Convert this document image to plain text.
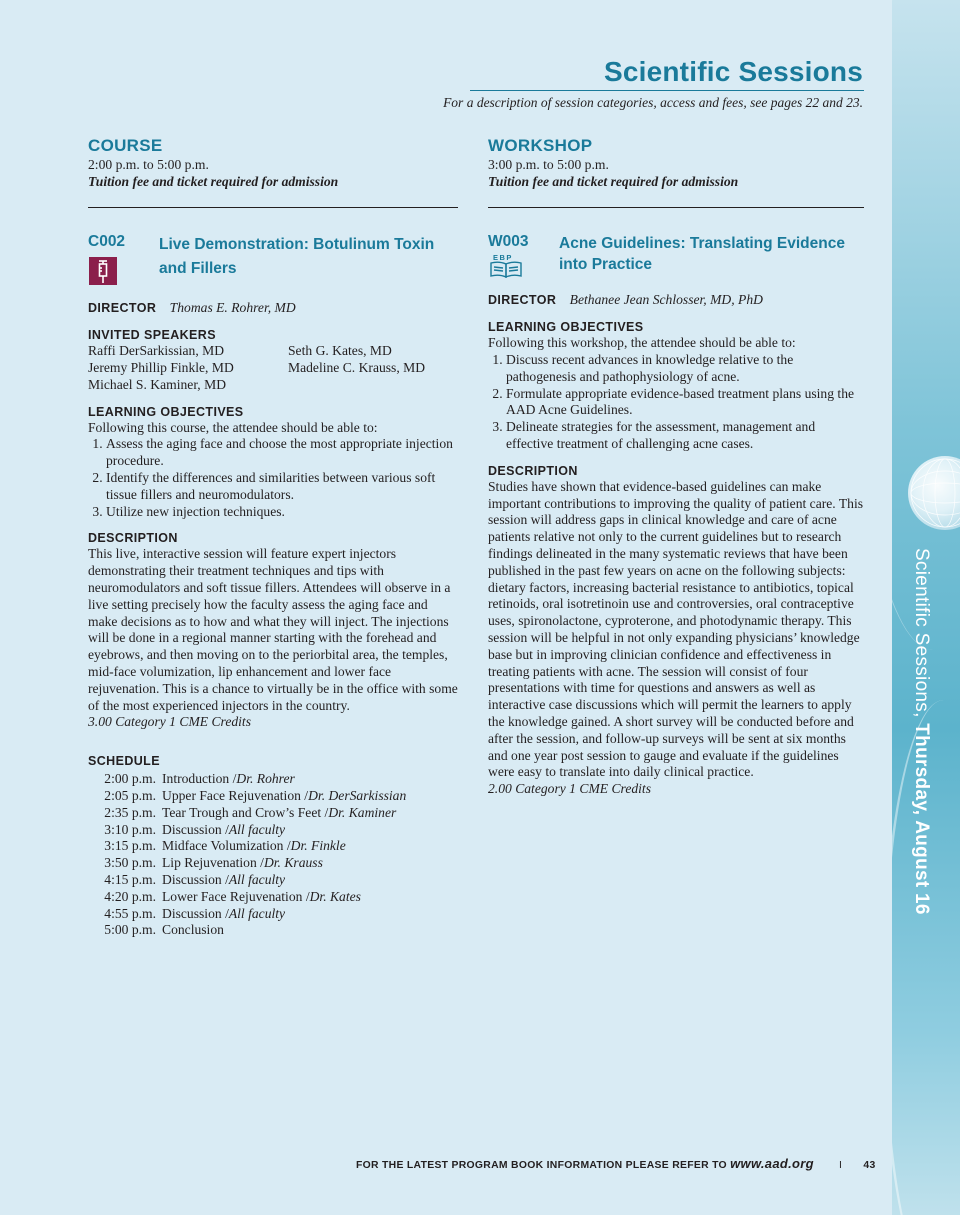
Scientific Sessions, Thursday, August 16
Scientific Sessions
For a description of session categories, access and fees, see pages 22 and 23.
COURSE
2:00 p.m. to 5:00 p.m.
Tuition fee and ticket required for admission
C002 Live Demonstration: Botulinum Toxin and Fillers
DIRECTOR Thomas E. Rohrer, MD
INVITED SPEAKERS
Raffi DerSarkissian, MD	Seth G. Kates, MD
Jeremy Phillip Finkle, MD	Madeline C. Krauss, MD
Michael S. Kaminer, MD
LEARNING OBJECTIVES
Following this course, the attendee should be able to:
1. Assess the aging face and choose the most appropriate injection procedure.
2. Identify the differences and similarities between various soft tissue fillers and neuromodulators.
3. Utilize new injection techniques.
DESCRIPTION
This live, interactive session will feature expert injectors demonstrating their treatment techniques and tips with neuromodulators and soft tissue fillers. Attendees will observe in a live setting precisely how the faculty assess the aging face and make decisions as to how and what they will inject. The injections will be done in a regional manner starting with the forehead and eyebrows, and then moving on to the periorbital area, the temples, mid-face volumization, lip enhancement and lower face rejuvenation. This is a chance to virtually be in the office with some of the most experienced injectors in the country.
3.00 Category 1 CME Credits
SCHEDULE
2:00 p.m. Introduction / Dr. Rohrer
2:05 p.m. Upper Face Rejuvenation / Dr. DerSarkissian
2:35 p.m. Tear Trough and Crow’s Feet / Dr. Kaminer
3:10 p.m. Discussion / All faculty
3:15 p.m. Midface Volumization / Dr. Finkle
3:50 p.m. Lip Rejuvenation / Dr. Krauss
4:15 p.m. Discussion / All faculty
4:20 p.m. Lower Face Rejuvenation / Dr. Kates
4:55 p.m. Discussion / All faculty
5:00 p.m. Conclusion
WORKSHOP
3:00 p.m. to 5:00 p.m.
Tuition fee and ticket required for admission
W003 Acne Guidelines: Translating Evidence into Practice
EBP
DIRECTOR Bethanee Jean Schlosser, MD, PhD
LEARNING OBJECTIVES
Following this workshop, the attendee should be able to:
1. Discuss recent advances in knowledge relative to the pathogenesis and pathophysiology of acne.
2. Formulate appropriate evidence-based treatment plans using the AAD Acne Guidelines.
3. Delineate strategies for the assessment, management and effective treatment of challenging acne cases.
DESCRIPTION
Studies have shown that evidence-based guidelines can make important contributions to improving the quality of patient care. This session will address gaps in clinical knowledge and care of acne patients relative not only to the current guidelines but to research findings delineated in the many systematic reviews that have been published in the past few years on acne on the following subjects: dietary factors, increasing bacterial resistance to antibiotics, topical retinoids, oral isotretinoin use and controversies, oral contraceptive uses, spironolactone, cyproterone, and photodynamic therapy. This session will be helpful in not only expanding physicians’ knowledge base but in improving clinician confidence and effectiveness in treating patients with acne. The session will consist of four presentations with time for questions and answers as well as interactive case discussions which will permit the learners to apply the knowledge gained. A short survey will be conducted before and after the session, and follow-up surveys will be sent at six months and one year post session to gauge and evaluate if the guidelines were easy to translate into daily clinical practice.
2.00 Category 1 CME Credits
FOR THE LATEST PROGRAM BOOK INFORMATION PLEASE REFER TO www.aad.org I 43
